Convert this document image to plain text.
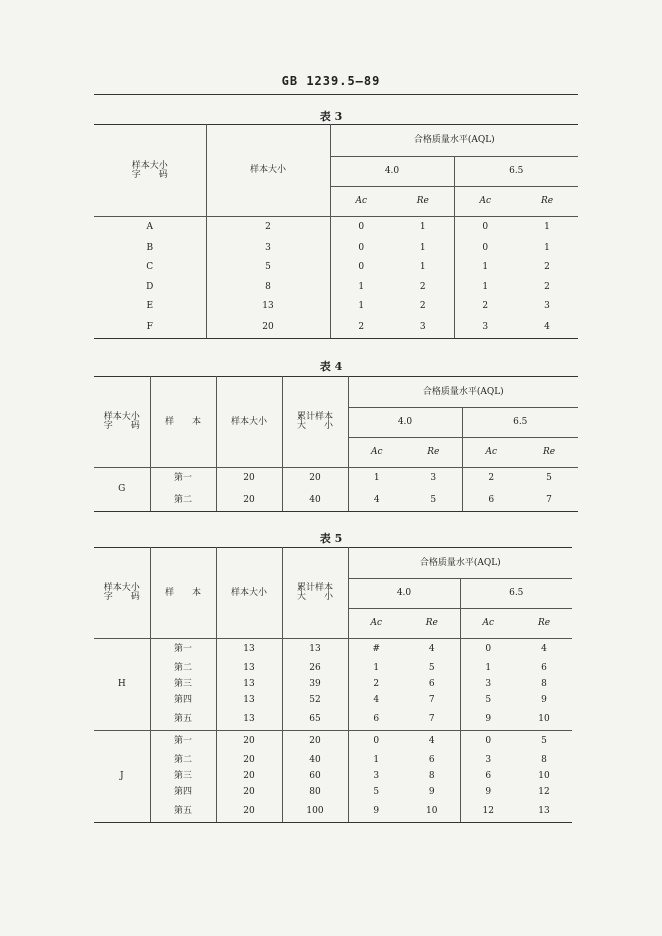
GB 1239.5—89
表 3
样本大小
字　　码	样本大小	合格质量水平(AQL)			
		4.0		6.5	
		Ac	Re	Ac	Re
A	2	0	1	0	1
B	3	0	1	0	1
C	5	0	1	1	2
D	8	1	2	1	2
E	13	1	2	2	3
F	20	2	3	3	4
表 4
样本大小
字　　码	样　　本	样本大小	累计样本
大　　小	合格质量水平(AQL)			
				4.0		6.5	
				Ac	Re	Ac	Re
G	第一	20	20	1	3	2	5
	第二	20	40	4	5	6	7
表 5
样本大小
字　　码	样　　本	样本大小	累计样本
大　　小	合格质量水平(AQL)			
				4.0		6.5	
				Ac	Re	Ac	Re
H	第一	13	13	#	4	0	4
	第二	13	26	1	5	1	6
	第三	13	39	2	6	3	8
	第四	13	52	4	7	5	9
	第五	13	65	6	7	9	10
J	第一	20	20	0	4	0	5
	第二	20	40	1	6	3	8
	第三	20	60	3	8	6	10
	第四	20	80	5	9	9	12
	第五	20	100	9	10	12	13
